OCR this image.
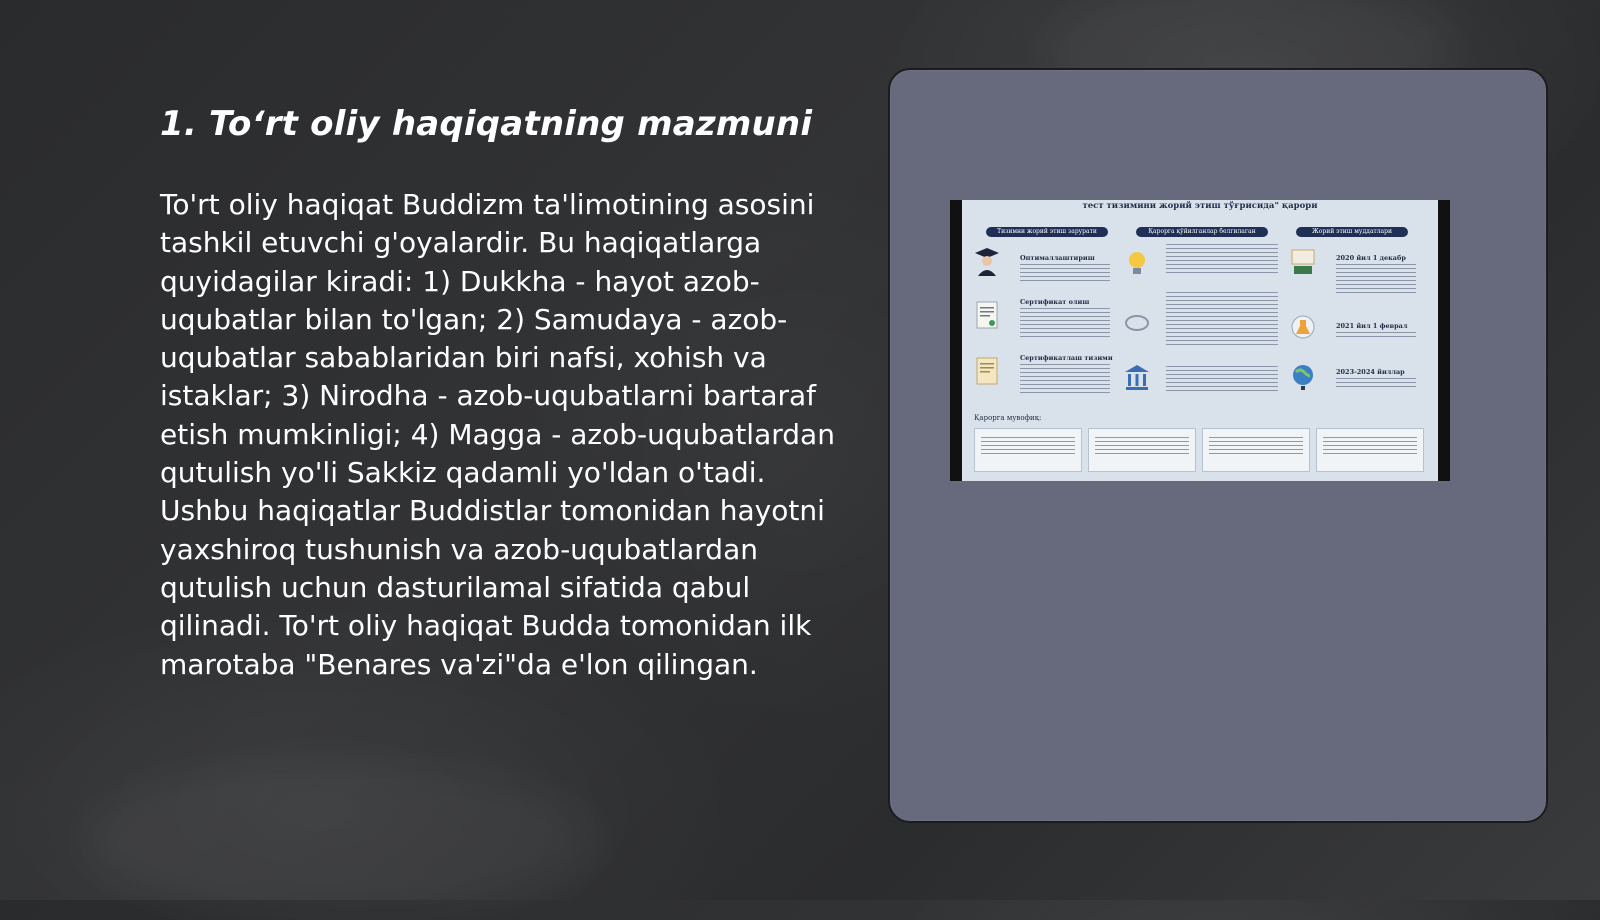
1. To‘rt oliy haqiqatning mazmuni

To'rt oliy haqiqat Buddizm ta'limotining asosini tashkil etuvchi g'oyalardir. Bu haqiqatlarga quyidagilar kiradi: 1) Dukkha - hayot azob-uqubatlar bilan to'lgan; 2) Samudaya - azob-uqubatlar sabablaridan biri nafsi, xohish va istaklar; 3) Nirodha - azob-uqubatlarni bartaraf etish mumkinligi; 4) Magga - azob-uqubatlardan qutulish yo'li Sakkiz qadamli yo'ldan o'tadi. Ushbu haqiqatlar Buddistlar tomonidan hayotni yaxshiroq tushunish va azob-uqubatlardan qutulish uchun dasturilamal sifatida qabul qilinadi. To'rt oliy haqiqat Budda tomonidan ilk marotaba "Benares va'zi"da e'lon qilingan.

тест тизимини жорий этиш тўғрисида" қарори
Тизимни жорий этиш зарурати	Қарорга қўйилганлар белгилаган	Жорий этиш муддатлари
Оптималлаштириш
Сертификат олиш
Сертификатлаш тизими
2020 йил 1 декабр
2021 йил 1 феврал
2023-2024 йиллар
Қарорга мувофиқ:
